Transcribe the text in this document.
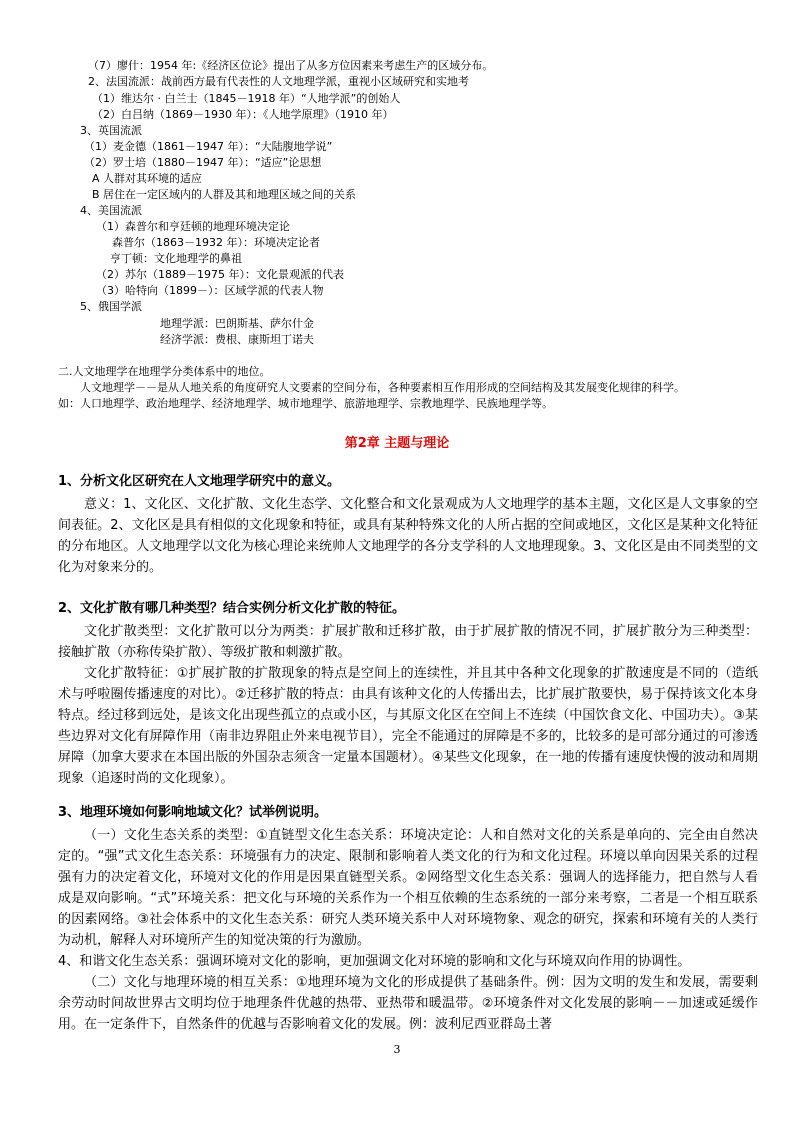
（7）廖什：1954 年:《经济区位论》提出了从多方位因素来考虑生产的区域分布。
2、法国流派：战前西方最有代表性的人文地理学派，重视小区域研究和实地考
（1）维达尔 · 白兰士（1845－1918 年）“人地学派”的创始人
（2）白吕纳（1869－1930 年）：《人地学原理》（1910 年）
3、英国流派
（1）麦金德（1861－1947 年）：“大陆腹地学说”
（2）罗士培（1880－1947 年）：“适应”论思想
A 人群对其环境的适应
B 居住在一定区域内的人群及其和地理区域之间的关系
4、美国流派
（1）森普尔和亨廷顿的地理环境决定论
森普尔（1863－1932 年）：环境决定论者
亨丁顿：文化地理学的鼻祖
（2）苏尔（1889－1975 年）：文化景观派的代表
（3）哈特向（1899－）：区域学派的代表人物
5、俄国学派
地理学派：巴朗斯基、萨尔什金
经济学派：费根、康斯坦丁诺夫
二.人文地理学在地理学分类体系中的地位。
人文地理学－－是从人地关系的角度研究人文要素的空间分布，各种要素相互作用形成的空间结构及其发展变化规律的科学。
如：人口地理学、政治地理学、经济地理学、城市地理学、旅游地理学、宗教地理学、民族地理学等。
第2章 主题与理论
1、分析文化区研究在人文地理学研究中的意义。

意义：1、文化区、文化扩散、文化生态学、文化整合和文化景观成为人文地理学的基本主题，文化区是人文事象的空间表征。2、文化区是具有相似的文化现象和特征，或具有某种特殊文化的人所占据的空间或地区，文化区是某种文化特征的分布地区。人文地理学以文化为核心理论来统帅人文地理学的各分支学科的人文地理现象。3、文化区是由不同类型的文化为对象来分的。

2、文化扩散有哪几种类型？结合实例分析文化扩散的特征。

文化扩散类型：文化扩散可以分为两类：扩展扩散和迁移扩散，由于扩展扩散的情况不同，扩展扩散分为三种类型：接触扩散（亦称传染扩散）、等级扩散和刺激扩散。

文化扩散特征：①扩展扩散的扩散现象的特点是空间上的连续性，并且其中各种文化现象的扩散速度是不同的（造纸术与呼啦圈传播速度的对比）。②迁移扩散的特点：由具有该种文化的人传播出去，比扩展扩散要快，易于保持该文化本身特点。经过移到远处，是该文化出现些孤立的点或小区，与其原文化区在空间上不连续（中国饮食文化、中国功夫）。③某些边界对文化有屏障作用（南非边界阻止外来电视节目），完全不能通过的屏障是不多的，比较多的是可部分通过的可渗透屏障（加拿大要求在本国出版的外国杂志须含一定量本国题材）。④某些文化现象，在一地的传播有速度快慢的波动和周期现象（追逐时尚的文化现象）。

3、地理环境如何影响地域文化？试举例说明。

（一）文化生态关系的类型：①直链型文化生态关系：环境决定论：人和自然对文化的关系是单向的、完全由自然决定的。“强”式文化生态关系：环境强有力的决定、限制和影响着人类文化的行为和文化过程。环境以单向因果关系的过程强有力的决定着文化，环境对文化的作用是因果直链型关系。②网络型文化生态关系：强调人的选择能力，把自然与人看成是双向影响。“式”环境关系：把文化与环境的关系作为一个相互依赖的生态系统的一部分来考察，二者是一个相互联系的因素网络。③社会体系中的文化生态关系：研究人类环境关系中人对环境物象、观念的研究，探索和环境有关的人类行为动机，解释人对环境所产生的知觉决策的行为激励。

4、和谐文化生态关系：强调环境对文化的影响，更加强调文化对环境的影响和文化与环境双向作用的协调性。

（二）文化与地理环境的相互关系：①地理环境为文化的形成提供了基础条件。例：因为文明的发生和发展，需要剩余劳动时间故世界古文明均位于地理条件优越的热带、亚热带和暖温带。②环境条件对文化发展的影响－－加速或延缓作用。在一定条件下，自然条件的优越与否影响着文化的发展。例：波利尼西亚群岛土著

3
